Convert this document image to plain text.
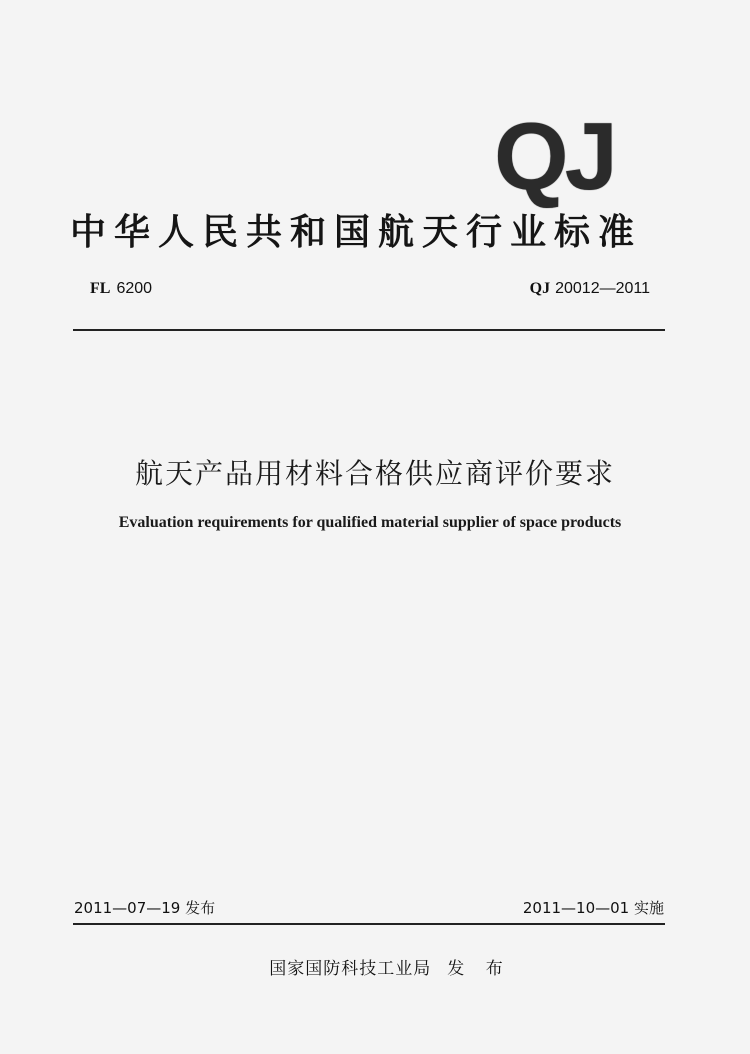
QJ
中华人民共和国航天行业标准
FL 6200	QJ 20012—2011
航天产品用材料合格供应商评价要求
Evaluation requirements for qualified material supplier of space products
2011—07—19 发布	2011—10—01 实施
国家国防科技工业局 发 布
